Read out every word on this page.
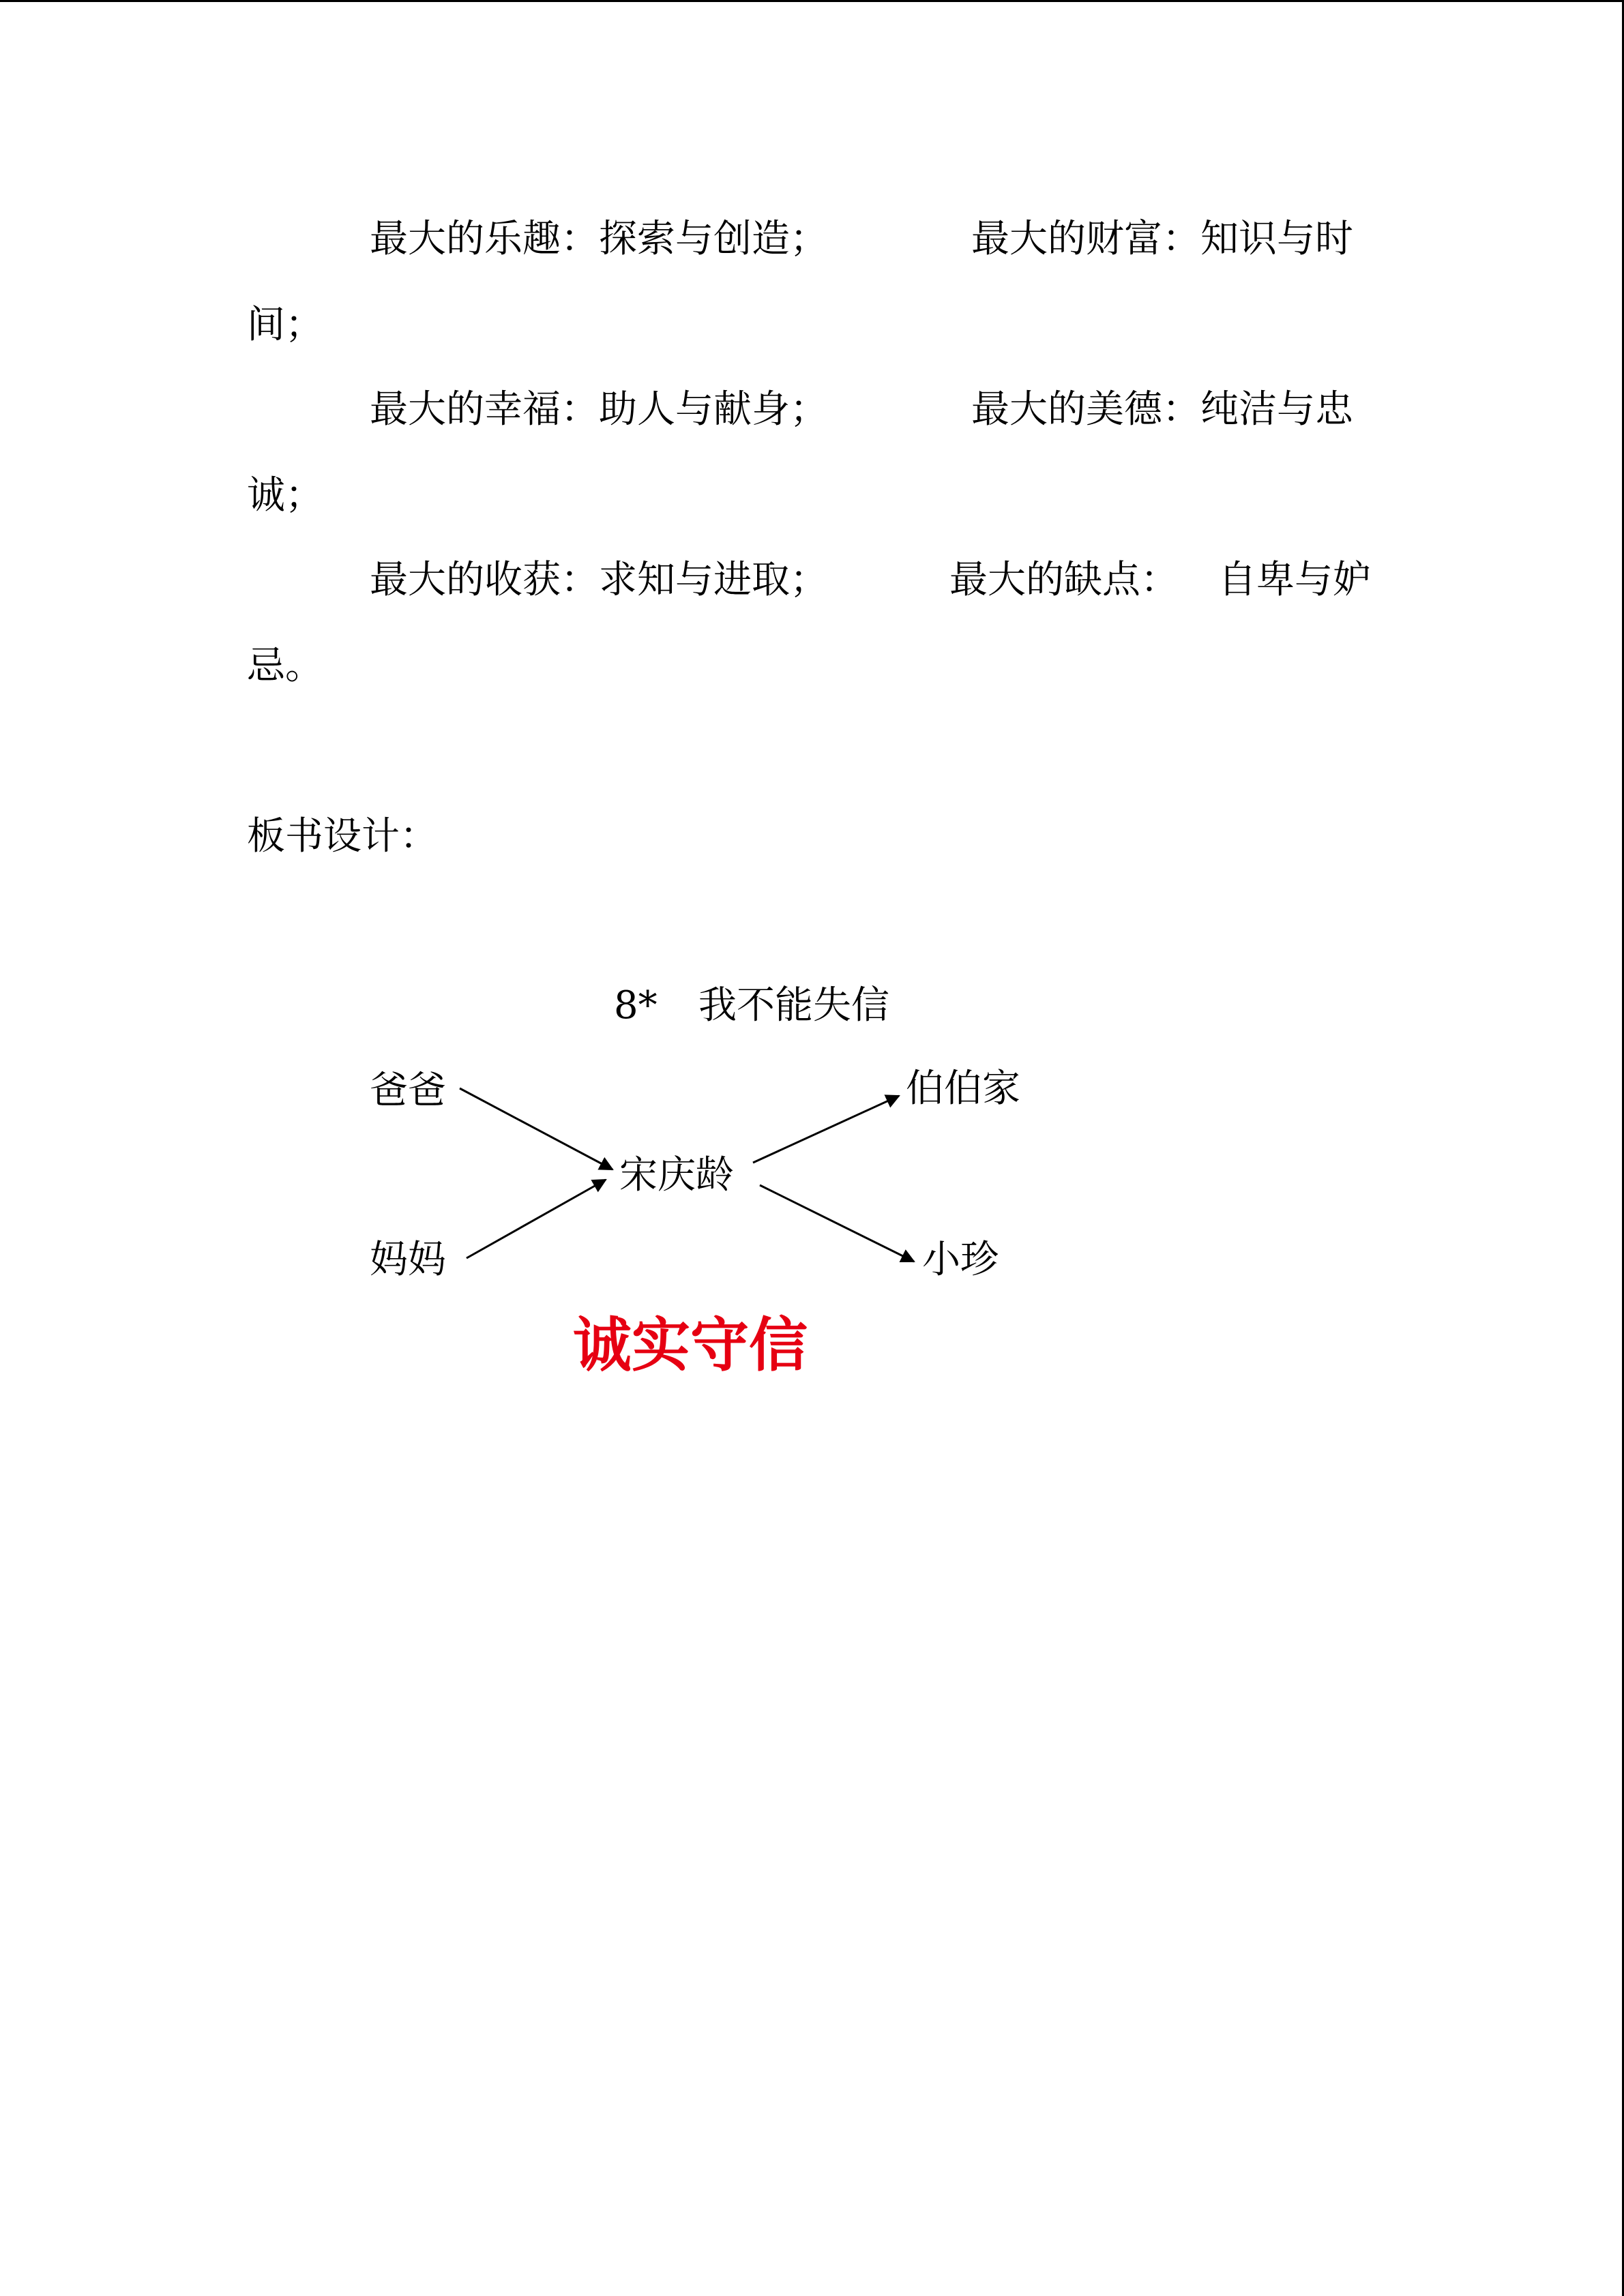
最大的乐趣：探索与创造；	最大的财富：知识与时

间；

最大的幸福：助人与献身；	最大的美德：纯洁与忠

诚；

最大的收获：求知与进取；	最大的缺点： 自卑与妒

忌。

板书设计：

8* 我不能失信
爸爸
妈妈
宋庆龄
伯伯家
小珍
诚实守信
